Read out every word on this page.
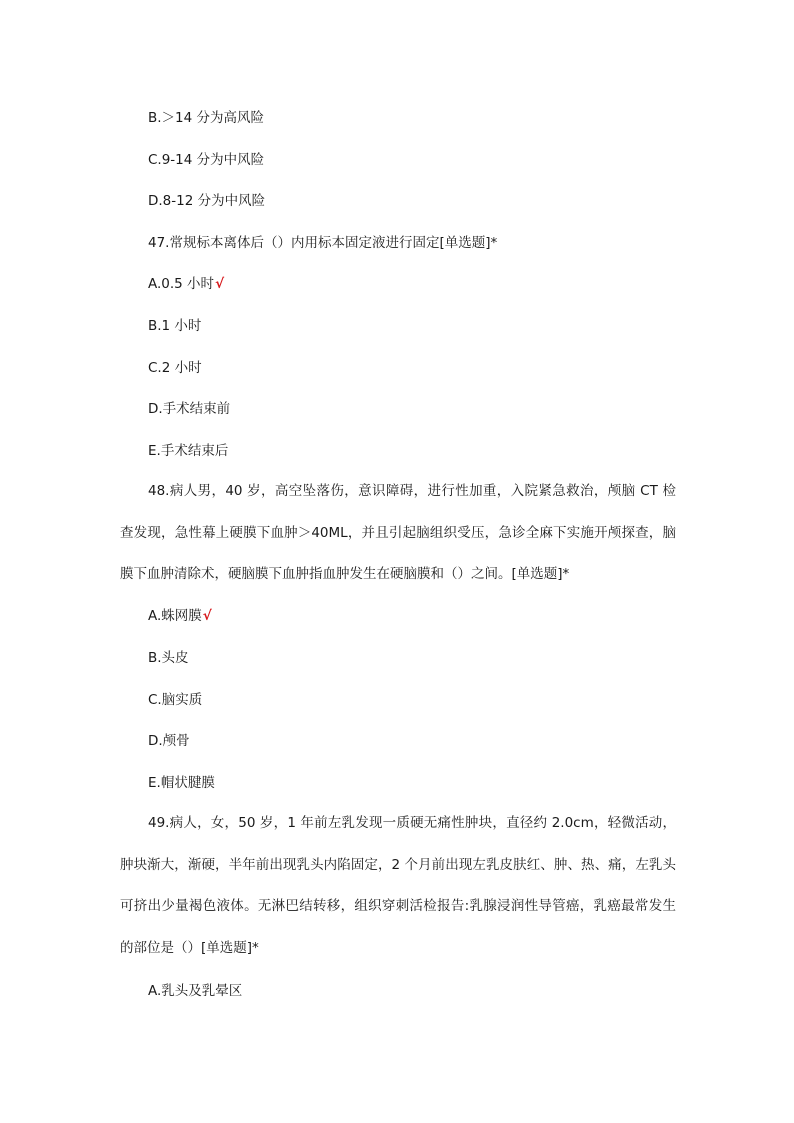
B.＞14 分为高风险
C.9-14 分为中风险
D.8-12 分为中风险
47.常规标本离体后（）内用标本固定液进行固定[单选题]*
A.0.5 小时√
B.1 小时
C.2 小时
D.手术结束前
E.手术结束后
48.病人男，40 岁，高空坠落伤，意识障碍，进行性加重，入院紧急救治，颅脑 CT 检查发现，急性幕上硬膜下血肿＞40ML，并且引起脑组织受压，急诊全麻下实施开颅探查，脑膜下血肿清除术，硬脑膜下血肿指血肿发生在硬脑膜和（）之间。[单选题]*
A.蛛网膜√
B.头皮
C.脑实质
D.颅骨
E.帽状腱膜
49.病人，女，50 岁，1 年前左乳发现一质硬无痛性肿块，直径约 2.0cm，轻微活动，肿块渐大，渐硬，半年前出现乳头内陷固定，2 个月前出现左乳皮肤红、肿、热、痛，左乳头可挤出少量褐色液体。无淋巴结转移，组织穿刺活检报告:乳腺浸润性导管癌，乳癌最常发生的部位是（）[单选题]*
A.乳头及乳晕区
